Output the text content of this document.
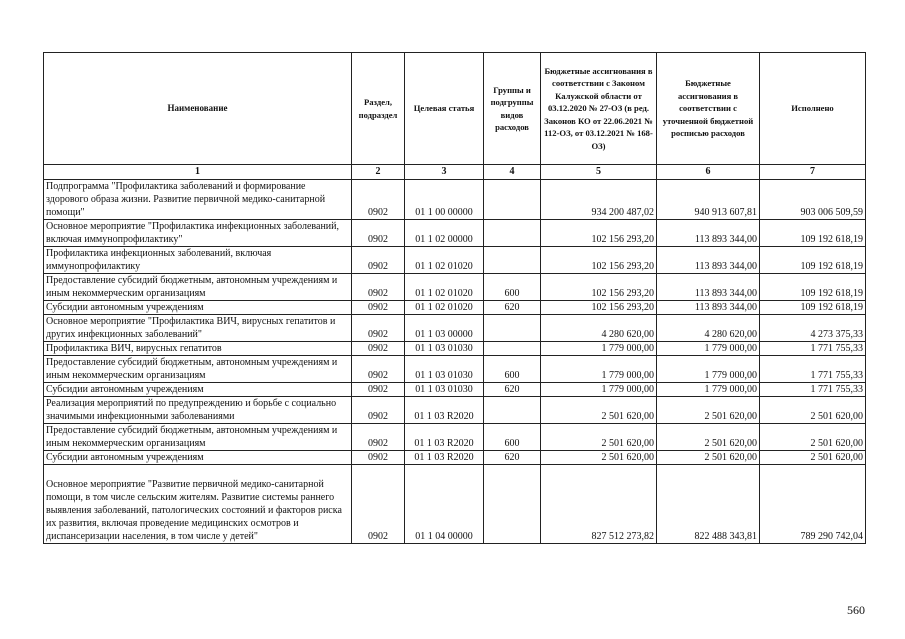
Наименование	Раздел, подраздел	Целевая статья	Группы и подгруппы видов расходов	Бюджетные ассигнования в соответствии с Законом Калужской области от 03.12.2020 № 27-ОЗ (в ред. Законов КО от 22.06.2021 № 112-ОЗ, от 03.12.2021 № 168-ОЗ)	Бюджетные ассигнования в соответствии с уточненной бюджетной росписью расходов	Исполнено
1	2	3	4	5	6	7
Подпрограмма "Профилактика заболеваний и формирование здорового образа жизни. Развитие первичной медико-санитарной помощи"	0902	01 1 00 00000		934 200 487,02	940 913 607,81	903 006 509,59
Основное мероприятие "Профилактика инфекционных заболеваний, включая иммунопрофилактику"	0902	01 1 02 00000		102 156 293,20	113 893 344,00	109 192 618,19
Профилактика инфекционных заболеваний, включая иммунопрофилактику	0902	01 1 02 01020		102 156 293,20	113 893 344,00	109 192 618,19
Предоставление субсидий бюджетным, автономным учреждениям и иным некоммерческим организациям	0902	01 1 02 01020	600	102 156 293,20	113 893 344,00	109 192 618,19
Субсидии автономным учреждениям	0902	01 1 02 01020	620	102 156 293,20	113 893 344,00	109 192 618,19
Основное мероприятие "Профилактика ВИЧ, вирусных гепатитов и других инфекционных заболеваний"	0902	01 1 03 00000		4 280 620,00	4 280 620,00	4 273 375,33
Профилактика ВИЧ, вирусных гепатитов	0902	01 1 03 01030		1 779 000,00	1 779 000,00	1 771 755,33
Предоставление субсидий бюджетным, автономным учреждениям и иным некоммерческим организациям	0902	01 1 03 01030	600	1 779 000,00	1 779 000,00	1 771 755,33
Субсидии автономным учреждениям	0902	01 1 03 01030	620	1 779 000,00	1 779 000,00	1 771 755,33
Реализация мероприятий по предупреждению и борьбе с социально значимыми инфекционными заболеваниями	0902	01 1 03 R2020		2 501 620,00	2 501 620,00	2 501 620,00
Предоставление субсидий бюджетным, автономным учреждениям и иным некоммерческим организациям	0902	01 1 03 R2020	600	2 501 620,00	2 501 620,00	2 501 620,00
Субсидии автономным учреждениям	0902	01 1 03 R2020	620	2 501 620,00	2 501 620,00	2 501 620,00
Основное мероприятие "Развитие первичной медико-санитарной помощи, в том числе сельским жителям. Развитие системы раннего выявления заболеваний, патологических состояний и факторов риска их развития, включая проведение медицинских осмотров и диспансеризации населения, в том числе у детей"	0902	01 1 04 00000		827 512 273,82	822 488 343,81	789 290 742,04
560
